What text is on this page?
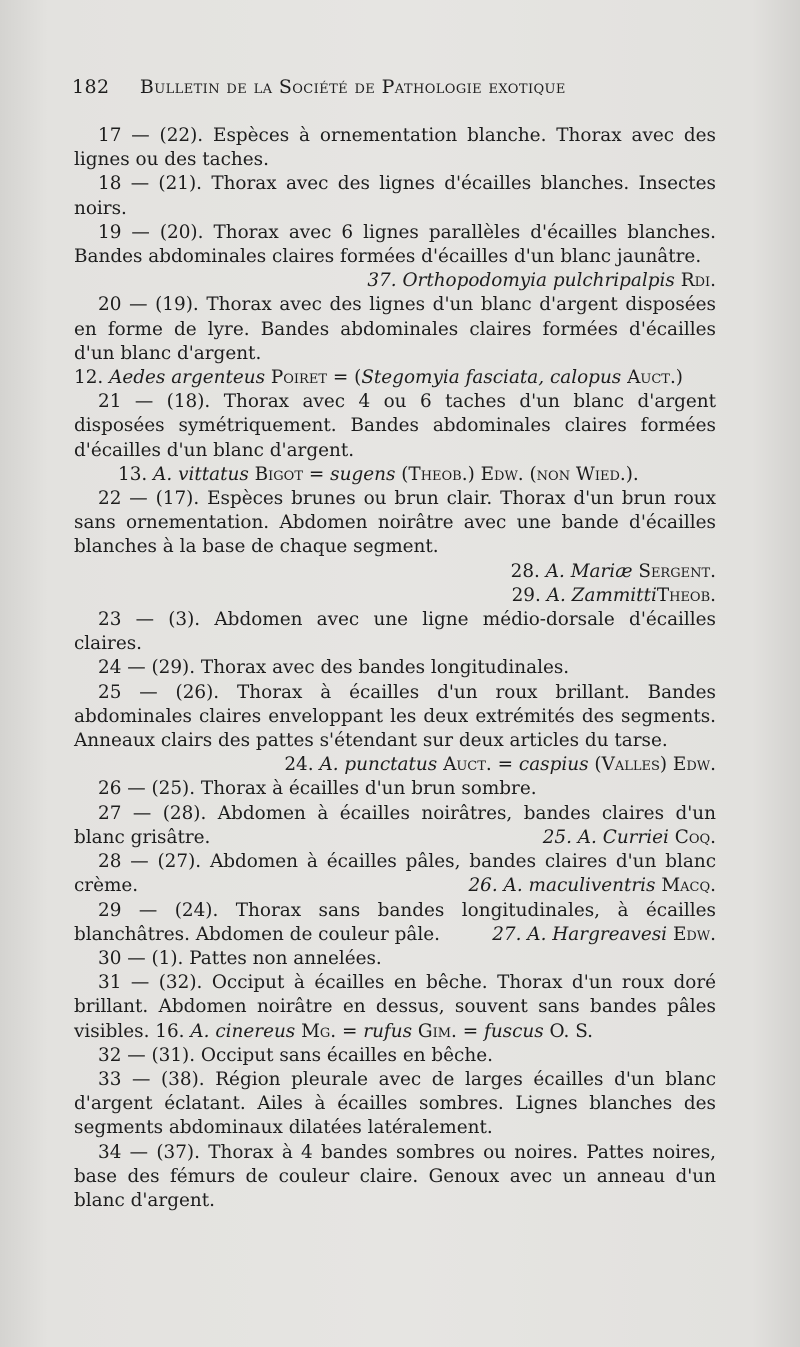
182 Bulletin de la Société de Pathologie exotique

17 — (22). Espèces à ornementation blanche. Thorax avec des lignes ou des taches.

18 — (21). Thorax avec des lignes d'écailles blanches. Insectes noirs.

19 — (20). Thorax avec 6 lignes parallèles d'écailles blanches. Bandes abdominales claires formées d'écailles d'un blanc jaunâtre.
37. Orthopodomyia pulchripalpis Rdi.

20 — (19). Thorax avec des lignes d'un blanc d'argent disposées en forme de lyre. Bandes abdominales claires formées d'écailles d'un blanc d'argent.

12. Aedes argenteus Poiret = (Stegomyia fasciata, calopus Auct.)

21 — (18). Thorax avec 4 ou 6 taches d'un blanc d'argent disposées symétriquement. Bandes abdominales claires formées d'écailles d'un blanc d'argent.

13. A. vittatus Bigot = sugens (Theob.) Edw. (non Wied.).

22 — (17). Espèces brunes ou brun clair. Thorax d'un brun roux sans ornementation. Abdomen noirâtre avec une bande d'écailles blanches à la base de chaque segment.

28. A. Mariæ Sergent.

29. A. ZammittiTheob.

23 — (3). Abdomen avec une ligne médio-dorsale d'écailles claires.

24 — (29). Thorax avec des bandes longitudinales.

25 — (26). Thorax à écailles d'un roux brillant. Bandes abdominales claires enveloppant les deux extrémités des segments. Anneaux clairs des pattes s'étendant sur deux articles du tarse.

24. A. punctatus Auct. = caspius (Valles) Edw.

26 — (25). Thorax à écailles d'un brun sombre.

27 — (28). Abdomen à écailles noirâtres, bandes claires d'un blanc grisâtre.	25. A. Curriei Coq.

28 — (27). Abdomen à écailles pâles, bandes claires d'un blanc crème.	26. A. maculiventris Macq.

29 — (24). Thorax sans bandes longitudinales, à écailles blanchâtres. Abdomen de couleur pâle.	27. A. Hargreavesi Edw.

30 — (1). Pattes non annelées.

31 — (32). Occiput à écailles en bêche. Thorax d'un roux doré brillant. Abdomen noirâtre en dessus, souvent sans bandes pâles visibles. 16. A. cinereus Mg. = rufus Gim. = fuscus O. S.

32 — (31). Occiput sans écailles en bêche.

33 — (38). Région pleurale avec de larges écailles d'un blanc d'argent éclatant. Ailes à écailles sombres. Lignes blanches des segments abdominaux dilatées latéralement.

34 — (37). Thorax à 4 bandes sombres ou noires. Pattes noires, base des fémurs de couleur claire. Genoux avec un anneau d'un blanc d'argent.
